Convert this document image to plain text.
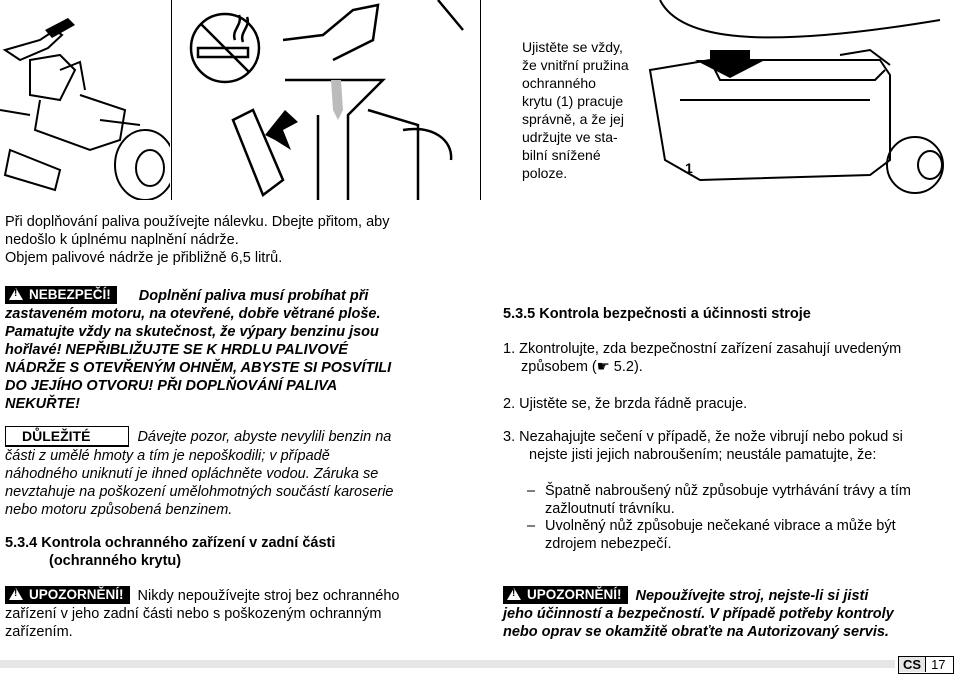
Ujistěte se vždy,
že vnitřní pružina
ochranného
krytu (1) pracuje
správně, a že jej
udržujte ve sta-
bilní snížené
poloze.	1
Při doplňování paliva používejte nálevku. Dbejte přitom, aby
nedošlo k úplnému naplnění nádrže.
Objem palivové nádrže je přibližně 6,5 litrů.
!NEBEZPEČÍ! Doplnění paliva musí probíhat při
zastaveném motoru, na otevřené, dobře větrané ploše.
Pamatujte vždy na skutečnost, že výpary benzinu jsou
hořlavé! NEPŘIBLIŽUJTE SE K HRDLU PALIVOVÉ
NÁDRŽE S OTEVŘENÝM OHNĚM, ABYSTE SI POSVÍTILI
DO JEJÍHO OTVORU! PŘI DOPLŇOVÁNÍ PALIVA
NEKUŘTE!
DŮLEŽITÉ	Dávejte pozor, abyste nevylili benzin na
části z umělé hmoty a tím je nepoškodili; v případě
náhodného uniknutí je ihned opláchněte vodou. Záruka se
nevztahuje na poškození umělohmotných součástí karoserie
nebo motoru způsobená benzinem.
5.3.4 Kontrola ochranného zařízení v zadní části
(ochranného krytu)
!UPOZORNĚNÍ! Nikdy nepoužívejte stroj bez ochranného
zařízení v jeho zadní části nebo s poškozeným ochranným
zařízením.
5.3.5 Kontrola bezpečnosti a účinnosti stroje
1. Zkontrolujte, zda bezpečnostní zařízení zasahují uvedeným
způsobem (☛ 5.2).
2. Ujistěte se, že brzda řádně pracuje.
3. Nezahajujte sečení v případě, že nože vibrují nebo pokud si
nejste jisti jejich nabroušením; neustále pamatujte, že:
– Špatně nabroušený nůž způsobuje vytrhávání trávy a tím
zažloutnutí trávníku.
– Uvolněný nůž způsobuje nečekané vibrace a může být
zdrojem nebezpečí.
!UPOZORNĚNÍ! Nepoužívejte stroj, nejste-li si jisti
jeho účinností a bezpečností. V případě potřeby kontroly
nebo oprav se okamžitě obraťte na Autorizovaný servis.
CS 17
